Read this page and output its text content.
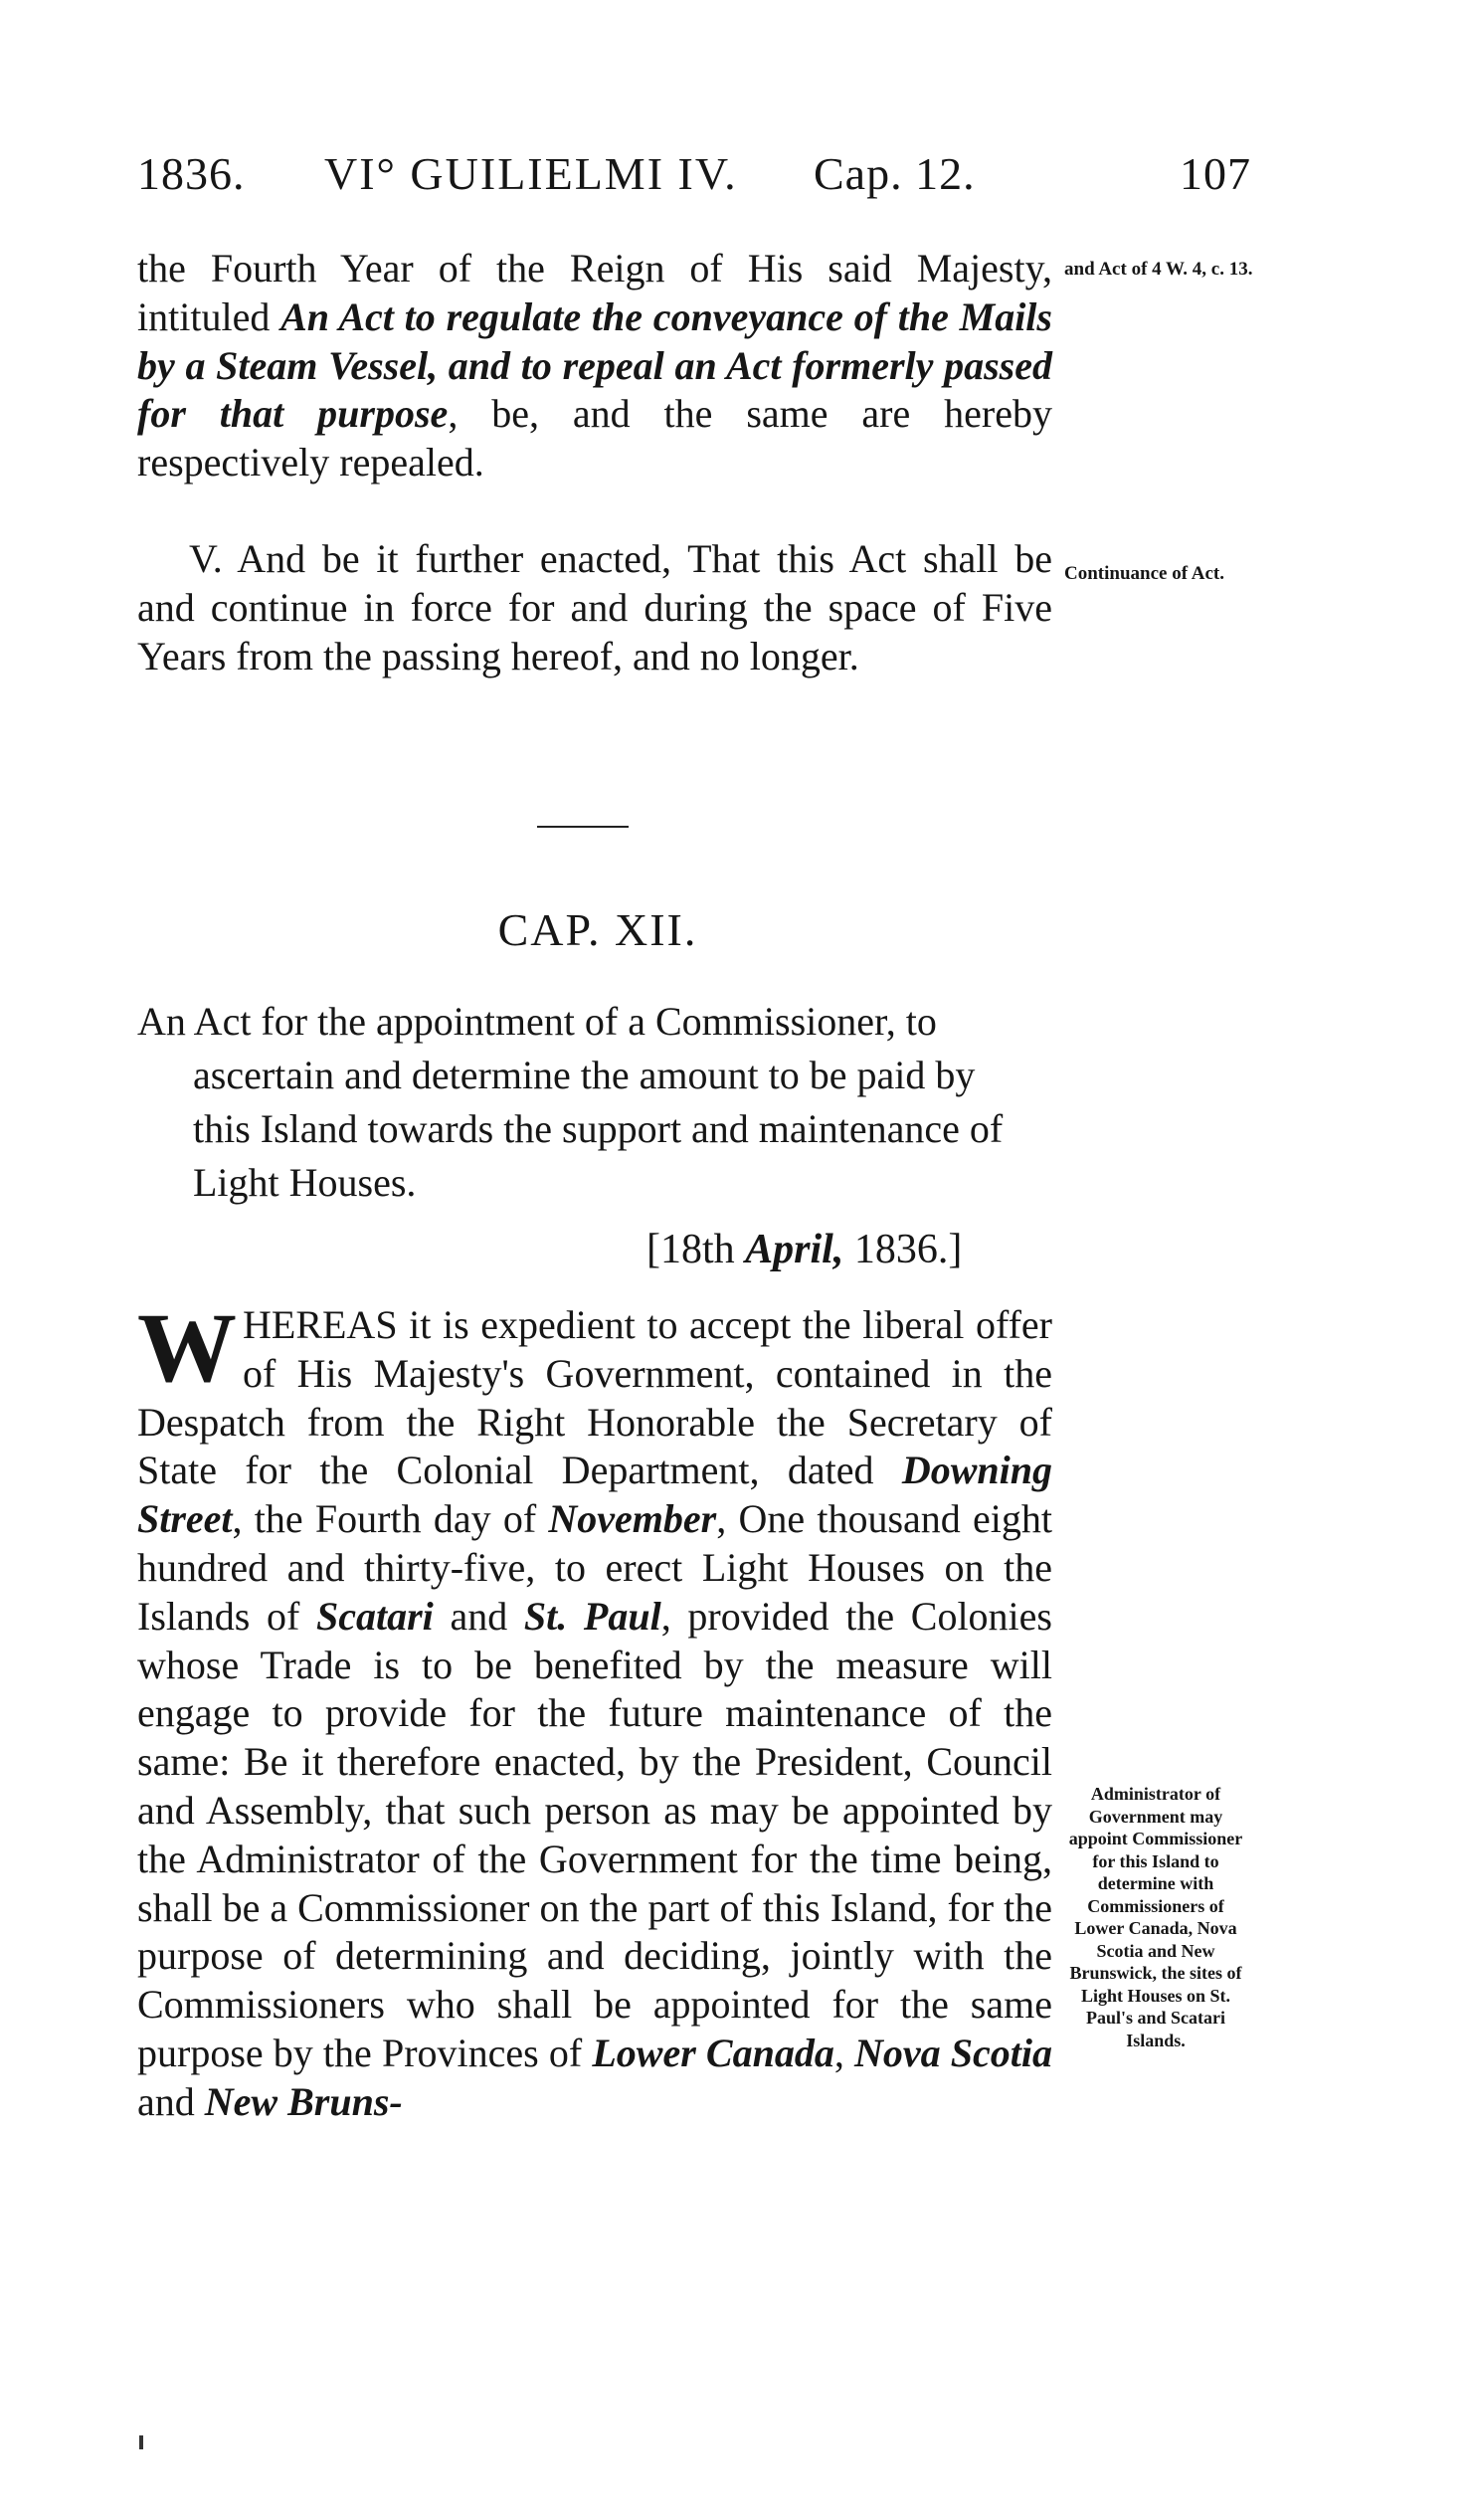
1836. VI° GUILIELMI IV. Cap. 12.	107

the Fourth Year of the Reign of His said Majesty, intituled An Act to regulate the conveyance of the Mails by a Steam Vessel, and to repeal an Act formerly passed for that purpose, be, and the same are hereby respectively repealed.

and Act of 4 W. 4, c. 13.

V. And be it further enacted, That this Act shall be and continue in force for and during the space of Five Years from the passing hereof, and no longer.

Continuance of Act.
CAP. XII.

An Act for the appointment of a Commissioner, to ascertain and determine the amount to be paid by this Island towards the support and maintenance of Light Houses.

[18th April, 1836.]

WHEREAS it is expedient to accept the liberal offer of His Majesty's Government, contained in the Despatch from the Right Honorable the Secretary of State for the Colonial Department, dated Downing Street, the Fourth day of November, One thousand eight hundred and thirty-five, to erect Light Houses on the Islands of Scatari and St. Paul, provided the Colonies whose Trade is to be benefited by the measure will engage to provide for the future maintenance of the same: Be it therefore enacted, by the President, Council and Assembly, that such person as may be appointed by the Administrator of the Government for the time being, shall be a Commissioner on the part of this Island, for the purpose of determining and deciding, jointly with the Commissioners who shall be appointed for the same purpose by the Provinces of Lower Canada, Nova Scotia and New Bruns-

Administrator of Government may appoint Commissioner for this Island to determine with Commissioners of Lower Canada, Nova Scotia and New Brunswick, the sites of Light Houses on St. Paul's and Scatari Islands.
